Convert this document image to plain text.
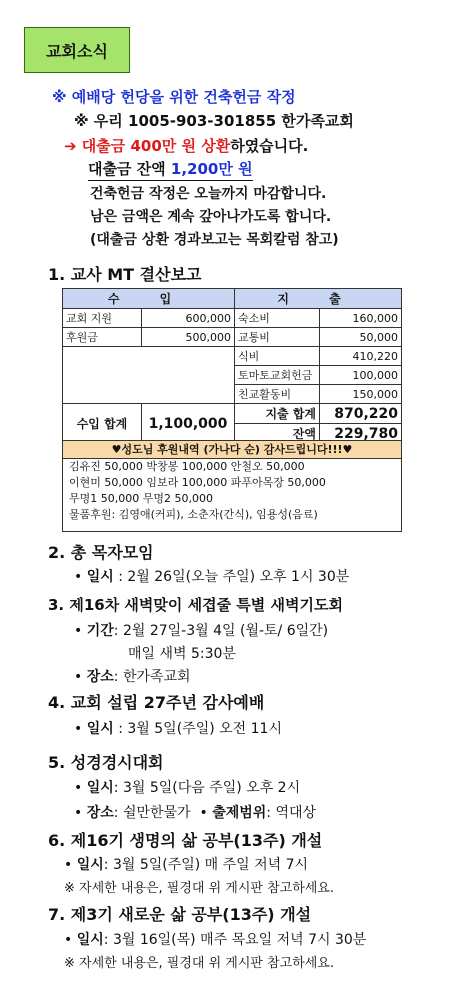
교회소식
※ 예배당 헌당을 위한 건축헌금 작정
※ 우리 1005-903-301855 한가족교회
➔ 대출금 400만 원 상환하였습니다.
대출금 잔액 1,200만 원
건축헌금 작정은 오늘까지 마감합니다.
남은 금액은 계속 갚아나가도록 합니다.
(대출금 상환 경과보고는 목회칼럼 참고)
1. 교사 MT 결산보고
수 입		지 출	
교회 지원	600,000	숙소비	160,000
후원금	500,000	교통비	50,000
		식비	410,220
		토마토교회헌금	100,000
		친교활동비	150,000
수입 합계	1,100,000	지출 합계	870,220
		잔액	229,780
♥성도님 후원내역 (가나다 순) 감사드립니다!!!♥
김유진 50,000 박창봉 100,000 안철오 50,000
이현미 50,000 임보라 100,000 파푸아목장 50,000
무명1 50,000 무명2 50,000
물품후원: 김영애(커피), 소춘자(간식), 임용성(음료)
2. 총 목자모임
• 일시 : 2월 26일(오늘 주일) 오후 1시 30분
3. 제16차 새벽맞이 세겹줄 특별 새벽기도회
• 기간: 2월 27일-3월 4일 (월-토/ 6일간)
매일 새벽 5:30분
• 장소: 한가족교회
4. 교회 설립 27주년 감사예배
• 일시 : 3월 5일(주일) 오전 11시
5. 성경경시대회
• 일시: 3월 5일(다음 주일) 오후 2시
• 장소: 쉴만한물가  • 출제범위: 역대상
6. 제16기 생명의 삶 공부(13주) 개설
• 일시: 3월 5일(주일) 매 주일 저녁 7시
※ 자세한 내용은, 필경대 위 게시판 참고하세요.
7. 제3기 새로운 삶 공부(13주) 개설
• 일시: 3월 16일(목) 매주 목요일 저녁 7시 30분
※ 자세한 내용은, 필경대 위 게시판 참고하세요.
